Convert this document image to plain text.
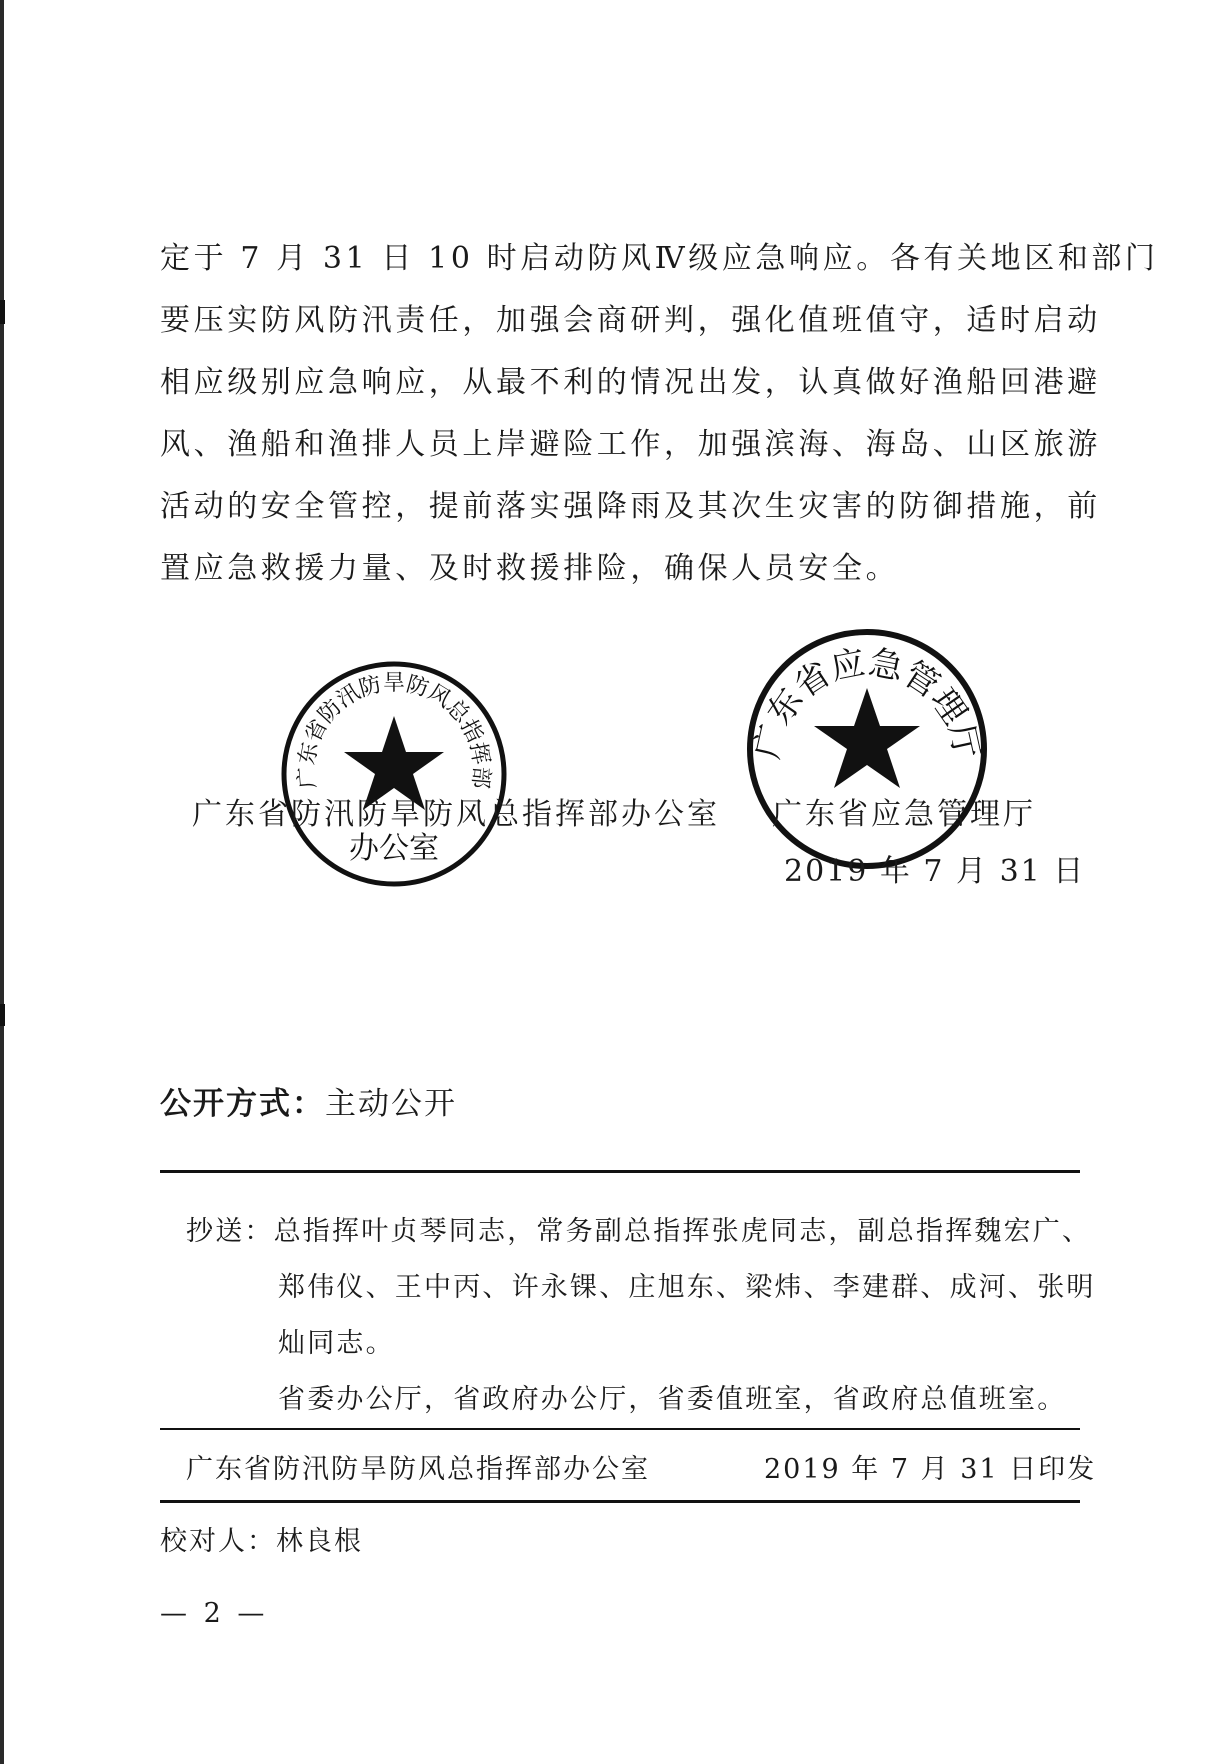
定于 7 月 31 日 10 时启动防风Ⅳ级应急响应。各有关地区和部门
要压实防风防汛责任，加强会商研判，强化值班值守，适时启动
相应级别应急响应，从最不利的情况出发，认真做好渔船回港避
风、渔船和渔排人员上岸避险工作，加强滨海、海岛、山区旅游
活动的安全管控，提前落实强降雨及其次生灾害的防御措施，前
置应急救援力量、及时救援排险，确保人员安全。
广东省防汛防旱防风总指挥部
办公室
广东省应急管理厅
广东省防汛防旱防风总指挥部办公室 广东省应急管理厅
2019 年 7 月 31 日
公开方式：主动公开
抄送：总指挥叶贞琴同志，常务副总指挥张虎同志，副总指挥魏宏广、
郑伟仪、王中丙、许永锞、庄旭东、梁炜、李建群、成河、张明
灿同志。
省委办公厅，省政府办公厅，省委值班室，省政府总值班室。
广东省防汛防旱防风总指挥部办公室	2019 年 7 月 31 日印发
校对人：林良根
— 2 —
